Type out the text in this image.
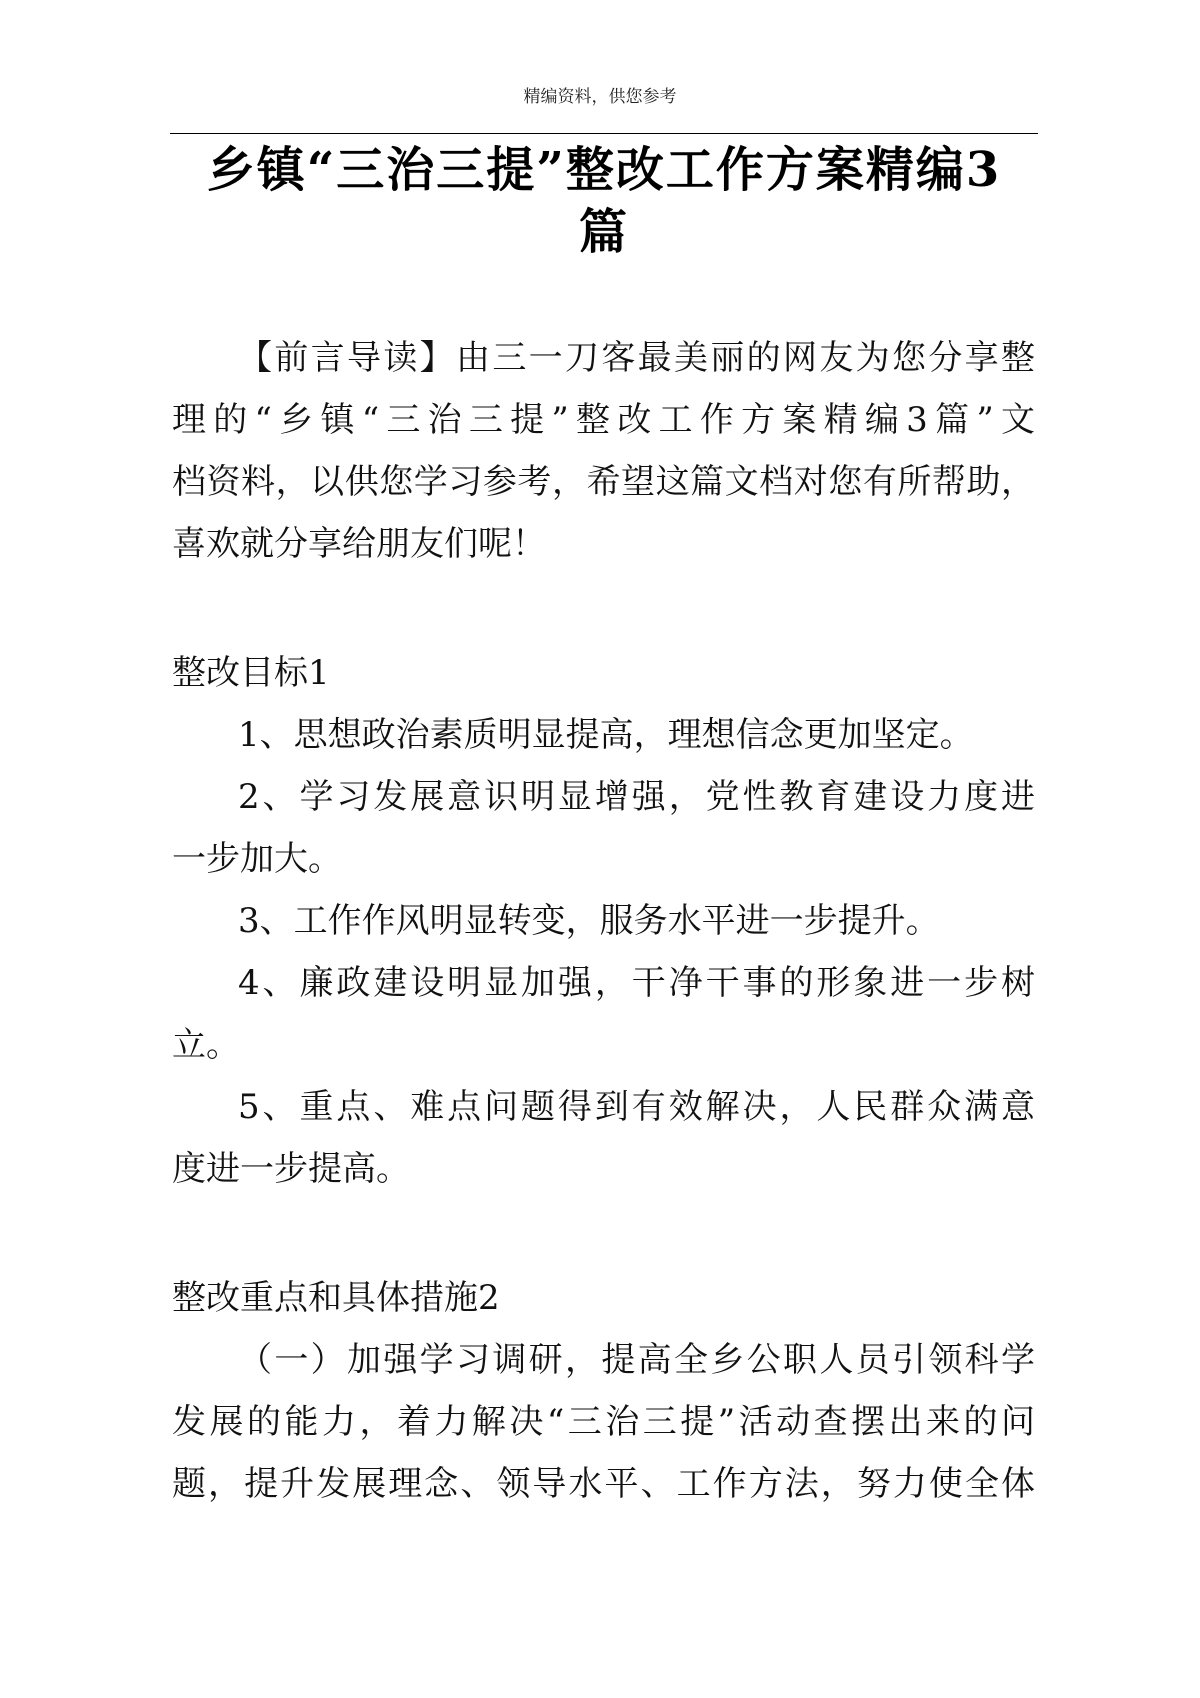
精编资料，供您参考
乡镇“三治三提”整改工作方案精编3
篇
【前言导读】由三一刀客最美丽的网友为您分享整
理的“乡镇“三治三提”整改工作方案精编3篇”文
档资料，以供您学习参考，希望这篇文档对您有所帮助，
喜欢就分享给朋友们呢！
整改目标1
1、思想政治素质明显提高，理想信念更加坚定。
2、学习发展意识明显增强，党性教育建设力度进
一步加大。
3、工作作风明显转变，服务水平进一步提升。
4、廉政建设明显加强，干净干事的形象进一步树
立。
5、重点、难点问题得到有效解决，人民群众满意
度进一步提高。
整改重点和具体措施2
（一）加强学习调研，提高全乡公职人员引领科学
发展的能力，着力解决“三治三提”活动查摆出来的问
题，提升发展理念、领导水平、工作方法，努力使全体
